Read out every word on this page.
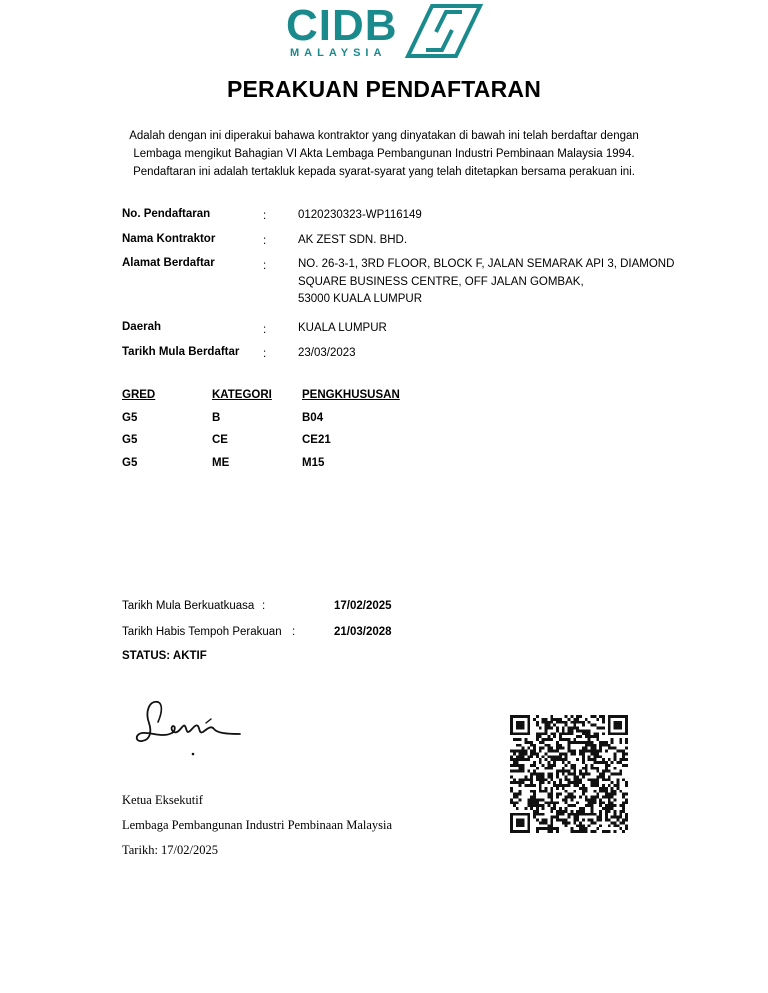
CIDB
MALAYSIA
PERAKUAN PENDAFTARAN
Adalah dengan ini diperakui bahawa kontraktor yang dinyatakan di bawah ini telah berdaftar dengan
Lembaga mengikut Bahagian VI Akta Lembaga Pembangunan Industri Pembinaan Malaysia 1994.
Pendaftaran ini adalah tertakluk kepada syarat-syarat yang telah ditetapkan bersama perakuan ini.
No. Pendaftaran	:	0120230323-WP116149
Nama Kontraktor	:	AK ZEST SDN. BHD.
Alamat Berdaftar	:	NO. 26-3-1, 3RD FLOOR, BLOCK F, JALAN SEMARAK API 3, DIAMOND
SQUARE BUSINESS CENTRE, OFF JALAN GOMBAK,
53000 KUALA LUMPUR
Daerah	:	KUALA LUMPUR
Tarikh Mula Berdaftar :	23/03/2023
GRED	KATEGORI	PENGKHUSUSAN
G5	B	B04
G5	CE	CE21
G5	ME	M15
Tarikh Mula Berkuatkuasa :	17/02/2025
Tarikh Habis Tempoh Perakuan :	21/03/2028
STATUS: AKTIF
Ketua Eksekutif
Lembaga Pembangunan Industri Pembinaan Malaysia
Tarikh: 17/02/2025
